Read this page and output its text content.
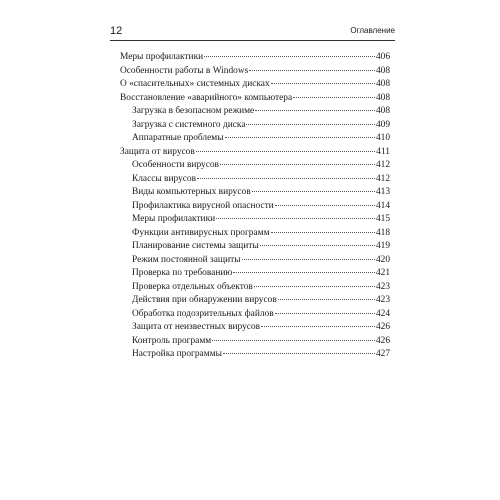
12	Оглавление
Меры профилактики	406
Особенности работы в Windows	408
О «спасительных» системных дисках	408
Восстановление «аварийного» компьютера	408
Загрузка в безопасном режиме	408
Загрузка с системного диска	409
Аппаратные проблемы	410
Защита от вирусов	411
Особенности вирусов	412
Классы вирусов	412
Виды компьютерных вирусов	413
Профилактика вирусной опасности	414
Меры профилактики	415
Функции антивирусных программ	418
Планирование системы защиты	419
Режим постоянной защиты	420
Проверка по требованию	421
Проверка отдельных объектов	423
Действия при обнаружении вирусов	423
Обработка подозрительных файлов	424
Защита от неизвестных вирусов	426
Контроль программ	426
Настройка программы	427
